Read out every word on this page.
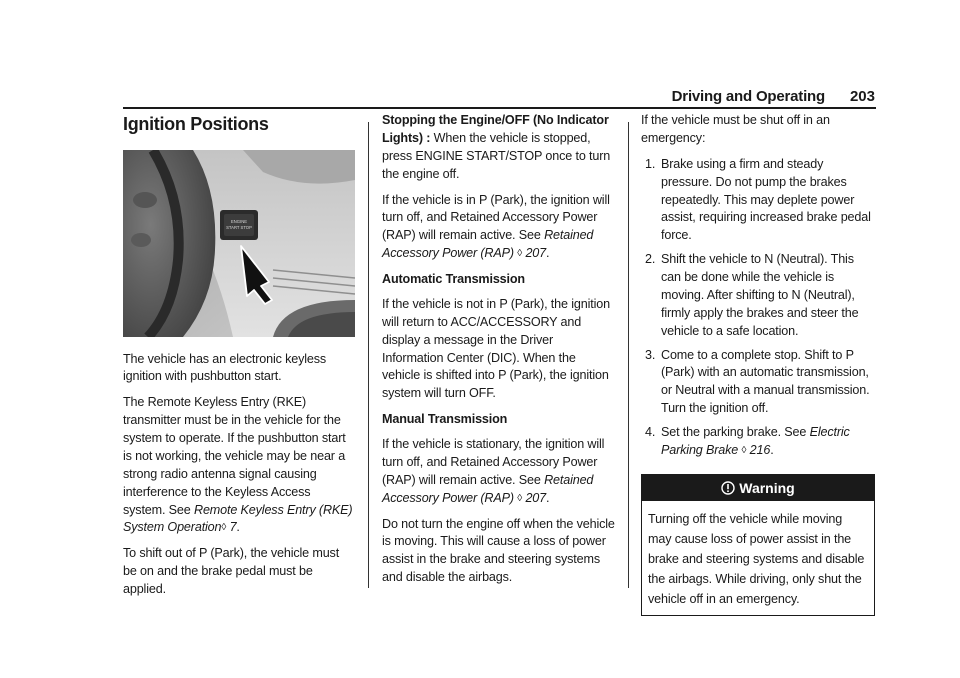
Driving and Operating 203
Ignition Positions
ENGINE
START STOP

The vehicle has an electronic keyless ignition with pushbutton start.

The Remote Keyless Entry (RKE) transmitter must be in the vehicle for the system to operate. If the pushbutton start is not working, the vehicle may be near a strong radio antenna signal causing interference to the Keyless Access system. See Remote Keyless Entry (RKE) System Operation◊ 7.

To shift out of P (Park), the vehicle must be on and the brake pedal must be applied.

Stopping the Engine/OFF (No Indicator Lights) : When the vehicle is stopped, press ENGINE START/STOP once to turn the engine off.

If the vehicle is in P (Park), the ignition will turn off, and Retained Accessory Power (RAP) will remain active. See Retained Accessory Power (RAP) ◊ 207.

Automatic Transmission

If the vehicle is not in P (Park), the ignition will return to ACC/ACCESSORY and display a message in the Driver Information Center (DIC). When the vehicle is shifted into P (Park), the ignition system will turn OFF.

Manual Transmission

If the vehicle is stationary, the ignition will turn off, and Retained Accessory Power (RAP) will remain active. See Retained Accessory Power (RAP) ◊ 207.

Do not turn the engine off when the vehicle is moving. This will cause a loss of power assist in the brake and steering systems and disable the airbags.

If the vehicle must be shut off in an emergency:

1. Brake using a firm and steady pressure. Do not pump the brakes repeatedly. This may deplete power assist, requiring increased brake pedal force.
2. Shift the vehicle to N (Neutral). This can be done while the vehicle is moving. After shifting to N (Neutral), firmly apply the brakes and steer the vehicle to a safe location.
3. Come to a complete stop. Shift to P (Park) with an automatic transmission, or Neutral with a manual transmission. Turn the ignition off.
4. Set the parking brake. See Electric Parking Brake ◊ 216.
Warning
Turning off the vehicle while moving may cause loss of power assist in the brake and steering systems and disable the airbags. While driving, only shut the vehicle off in an emergency.
